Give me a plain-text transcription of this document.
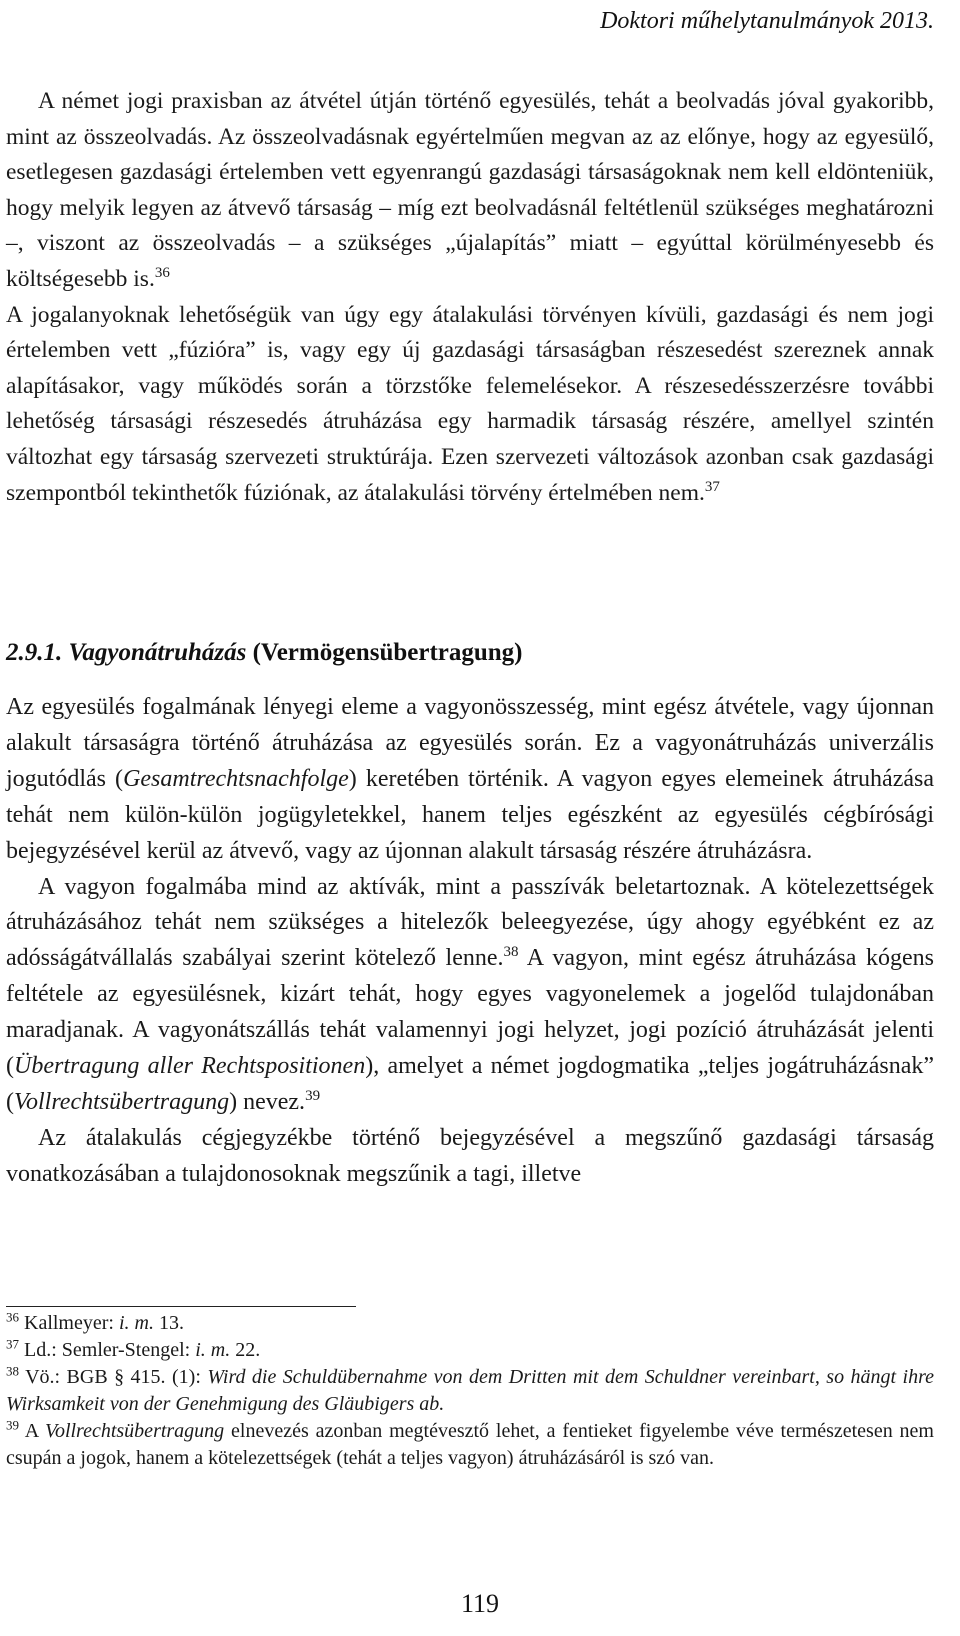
Doktori műhelytanulmányok 2013.

A német jogi praxisban az átvétel útján történő egyesülés, tehát a beolvadás jóval gyakoribb, mint az összeolvadás. Az összeolvadásnak egyértelműen megvan az az előnye, hogy az egyesülő, esetlegesen gazdasági értelemben vett egyenrangú gazdasági társaságoknak nem kell eldönteniük, hogy melyik legyen az átvevő társaság – míg ezt beolvadásnál feltétlenül szükséges meghatározni –, viszont az összeolvadás – a szükséges „újalapítás” miatt – egyúttal körülményesebb és költségesebb is.$^{36}$

A jogalanyoknak lehetőségük van úgy egy átalakulási törvényen kívüli, gazdasági és nem jogi értelemben vett „fúzióra” is, vagy egy új gazdasági társaságban részesedést szereznek annak alapításakor, vagy működés során a törzstőke felemelésekor. A részesedésszerzésre további lehetőség társasági részesedés átruházása egy harmadik társaság részére, amellyel szintén változhat egy társaság szervezeti struktúrája. Ezen szervezeti változások azonban csak gazdasági szempontból tekinthetők fúziónak, az átalakulási törvény értelmében nem.$^{37}$

2.9.1. Vagyonátruházás (Vermögensübertragung)

Az egyesülés fogalmának lényegi eleme a vagyonösszesség, mint egész átvétele, vagy újonnan alakult társaságra történő átruházása az egyesülés során. Ez a vagyonátruházás univerzális jogutódlás (Gesamtrechtsnachfolge) keretében történik. A vagyon egyes elemeinek átruházása tehát nem külön-külön jogügyletekkel, hanem teljes egészként az egyesülés cégbírósági bejegyzésével kerül az átvevő, vagy az újonnan alakult társaság részére átruházásra.

A vagyon fogalmába mind az aktívák, mint a passzívák beletartoznak. A kötelezettségek átruházásához tehát nem szükséges a hitelezők beleegyezése, úgy ahogy egyébként ez az adósságátvállalás szabályai szerint kötelező lenne.$^{38}$ A vagyon, mint egész átruházása kógens feltétele az egyesülésnek, kizárt tehát, hogy egyes vagyonelemek a jogelőd tulajdonában maradjanak. A vagyonátszállás tehát valamennyi jogi helyzet, jogi pozíció átruházását jelenti (Übertragung aller Rechtspositionen), amelyet a német jogdogmatika „teljes jogátruházásnak” (Vollrechtsübertragung) nevez.$^{39}$

Az átalakulás cégjegyzékbe történő bejegyzésével a megszűnő gazdasági társaság vonatkozásában a tulajdonosoknak megszűnik a tagi, illetve

$^{36}$ Kallmeyer: i. m. 13.

$^{37}$ Ld.: Semler-Stengel: i. m. 22.

$^{38}$ Vö.: BGB § 415. (1): Wird die Schuldübernahme von dem Dritten mit dem Schuldner vereinbart, so hängt ihre Wirksamkeit von der Genehmigung des Gläubigers ab.

$^{39}$ A Vollrechtsübertragung elnevezés azonban megtévesztő lehet, a fentieket figyelembe véve természetesen nem csupán a jogok, hanem a kötelezettségek (tehát a teljes vagyon) átruházásáról is szó van.

119
